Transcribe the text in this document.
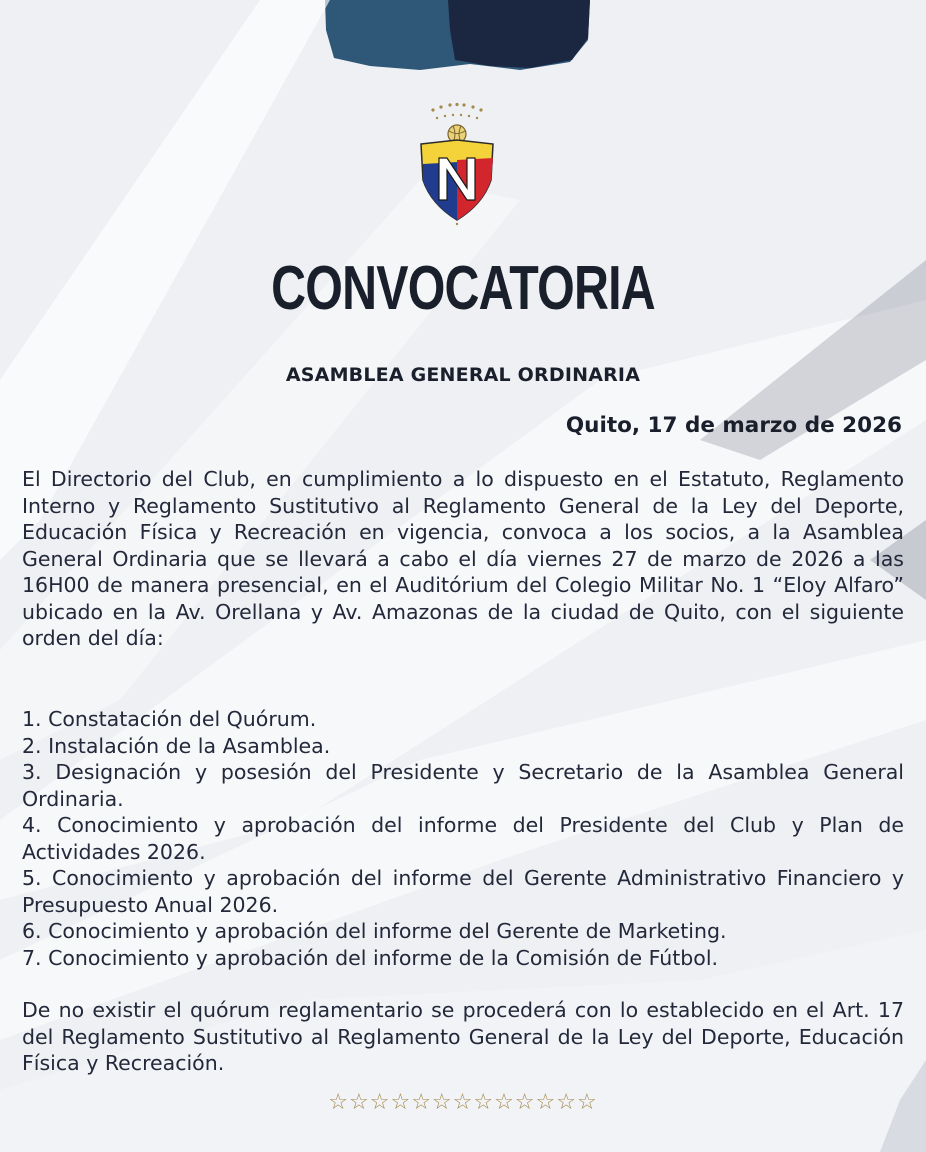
CONVOCATORIA
ASAMBLEA GENERAL ORDINARIA
Quito, 17 de marzo de 2026
El Directorio del Club, en cumplimiento a lo dispuesto en el Estatuto, Reglamento Interno y Reglamento Sustitutivo al Reglamento General de la Ley del Deporte, Educación Física y Recreación en vigencia, convoca a los socios, a la Asamblea General Ordinaria que se llevará a cabo el día viernes 27 de marzo de 2026 a las 16H00 de manera presencial, en el Auditórium del Colegio Militar No. 1 “Eloy Alfaro” ubicado en la Av. Orellana y Av. Amazonas de la ciudad de Quito, con el siguiente orden del día:
1. Constatación del Quórum.
2. Instalación de la Asamblea.
3. Designación y posesión del Presidente y Secretario de la Asamblea General Ordinaria.
4. Conocimiento y aprobación del informe del Presidente del Club y Plan de Actividades 2026.
5. Conocimiento y aprobación del informe del Gerente Administrativo Financiero y Presupuesto Anual 2026.
6. Conocimiento y aprobación del informe del Gerente de Marketing.
7. Conocimiento y aprobación del informe de la Comisión de Fútbol.
De no existir el quórum reglamentario se procederá con lo establecido en el Art. 17 del Reglamento Sustitutivo al Reglamento General de la Ley del Deporte, Educación Física y Recreación.
☆☆☆☆☆☆☆☆☆☆☆☆☆
